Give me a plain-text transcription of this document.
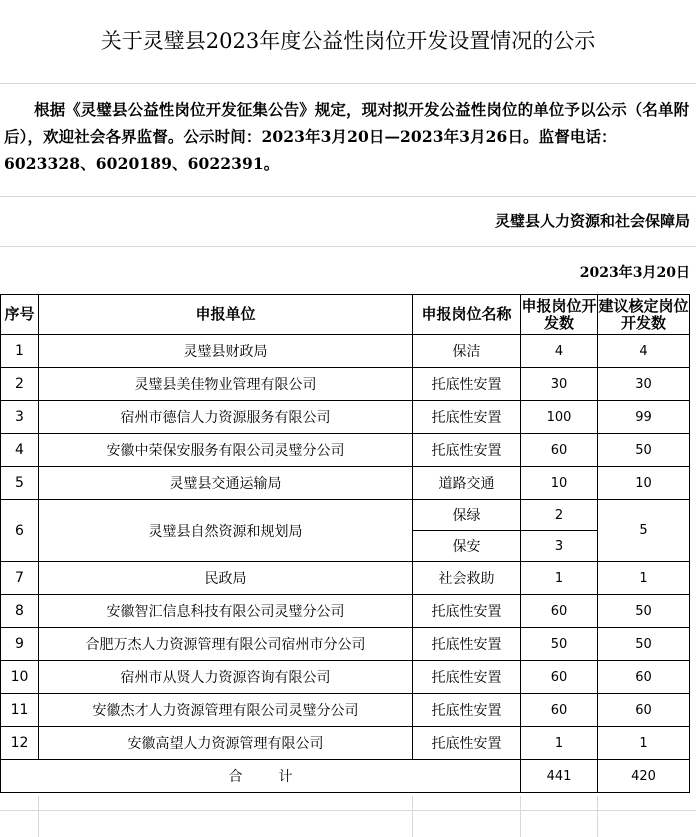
关于灵璧县2023年度公益性岗位开发设置情况的公示
根据《灵璧县公益性岗位开发征集公告》规定，现对拟开发公益性岗位的单位予以公示（名单附后），欢迎社会各界监督。公示时间：2023年3月20日—2023年3月26日。监督电话：6023328、6020189、6022391。
灵璧县人力资源和社会保障局
2023年3月20日
序号	申报单位	申报岗位名称	申报岗位开发数	建议核定岗位开发数
1	灵璧县财政局	保洁	4	4
2	灵璧县美佳物业管理有限公司	托底性安置	30	30
3	宿州市德信人力资源服务有限公司	托底性安置	100	99
4	安徽中荣保安服务有限公司灵璧分公司	托底性安置	60	50
5	灵璧县交通运输局	道路交通	10	10
6	灵璧县自然资源和规划局	保绿	2	5
		保安	3	
7	民政局	社会救助	1	1
8	安徽智汇信息科技有限公司灵璧分公司	托底性安置	60	50
9	合肥万杰人力资源管理有限公司宿州市分公司	托底性安置	50	50
10	宿州市从贤人力资源咨询有限公司	托底性安置	60	60
11	安徽杰才人力资源管理有限公司灵璧分公司	托底性安置	60	60
12	安徽高望人力资源管理有限公司	托底性安置	1	1
合计			441	420
